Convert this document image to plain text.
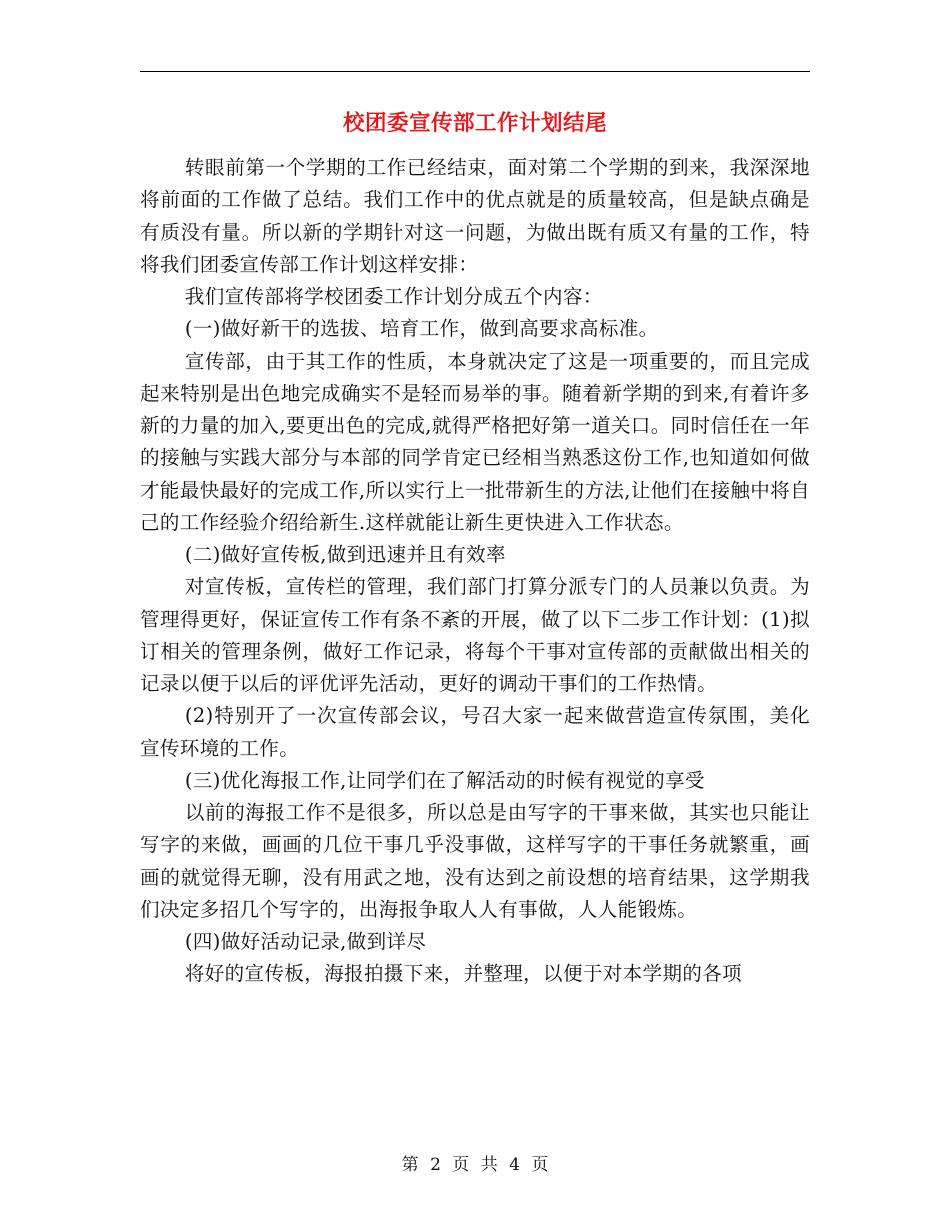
校团委宣传部工作计划结尾

转眼前第一个学期的工作已经结束，面对第二个学期的到来，我深深地将前面的工作做了总结。我们工作中的优点就是的质量较高，但是缺点确是有质没有量。所以新的学期针对这一问题，为做出既有质又有量的工作，特将我们团委宣传部工作计划这样安排：

我们宣传部将学校团委工作计划分成五个内容：

(一)做好新干的选拔、培育工作，做到高要求高标准。

宣传部，由于其工作的性质，本身就决定了这是一项重要的，而且完成起来特别是出色地完成确实不是轻而易举的事。随着新学期的到来,有着许多新的力量的加入,要更出色的完成,就得严格把好第一道关口。同时信任在一年的接触与实践大部分与本部的同学肯定已经相当熟悉这份工作,也知道如何做才能最快最好的完成工作,所以实行上一批带新生的方法,让他们在接触中将自己的工作经验介绍给新生.这样就能让新生更快进入工作状态。

(二)做好宣传板,做到迅速并且有效率

对宣传板，宣传栏的管理，我们部门打算分派专门的人员兼以负责。为管理得更好，保证宣传工作有条不紊的开展，做了以下二步工作计划：(1)拟订相关的管理条例，做好工作记录，将每个干事对宣传部的贡献做出相关的记录以便于以后的评优评先活动，更好的调动干事们的工作热情。

(2)特别开了一次宣传部会议，号召大家一起来做营造宣传氛围，美化宣传环境的工作。

(三)优化海报工作,让同学们在了解活动的时候有视觉的享受

以前的海报工作不是很多，所以总是由写字的干事来做，其实也只能让写字的来做，画画的几位干事几乎没事做，这样写字的干事任务就繁重，画画的就觉得无聊，没有用武之地，没有达到之前设想的培育结果，这学期我们决定多招几个写字的，出海报争取人人有事做，人人能锻炼。

(四)做好活动记录,做到详尽

将好的宣传板，海报拍摄下来，并整理，以便于对本学期的各项

第 2 页 共 4 页
